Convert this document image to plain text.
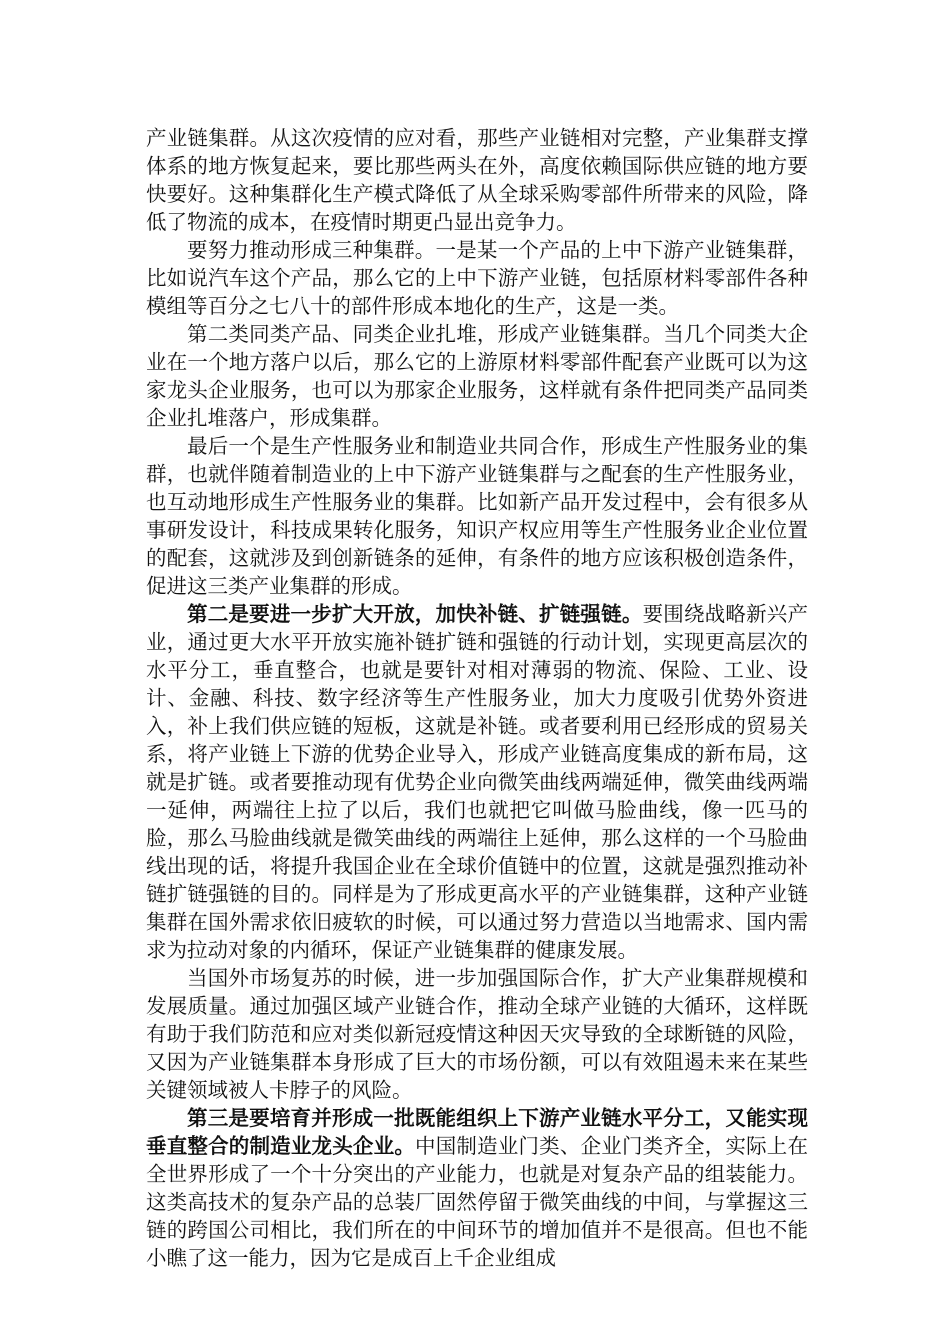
产业链集群。从这次疫情的应对看，那些产业链相对完整，产业集群支撑体系的地方恢复起来，要比那些两头在外，高度依赖国际供应链的地方要快要好。这种集群化生产模式降低了从全球采购零部件所带来的风险，降低了物流的成本，在疫情时期更凸显出竞争力。

要努力推动形成三种集群。一是某一个产品的上中下游产业链集群，比如说汽车这个产品，那么它的上中下游产业链，包括原材料零部件各种模组等百分之七八十的部件形成本地化的生产，这是一类。

第二类同类产品、同类企业扎堆，形成产业链集群。当几个同类大企业在一个地方落户以后，那么它的上游原材料零部件配套产业既可以为这家龙头企业服务，也可以为那家企业服务，这样就有条件把同类产品同类企业扎堆落户，形成集群。

最后一个是生产性服务业和制造业共同合作，形成生产性服务业的集群，也就伴随着制造业的上中下游产业链集群与之配套的生产性服务业，也互动地形成生产性服务业的集群。比如新产品开发过程中，会有很多从事研发设计，科技成果转化服务，知识产权应用等生产性服务业企业位置的配套，这就涉及到创新链条的延伸，有条件的地方应该积极创造条件，促进这三类产业集群的形成。

第二是要进一步扩大开放，加快补链、扩链强链。要围绕战略新兴产业，通过更大水平开放实施补链扩链和强链的行动计划，实现更高层次的水平分工，垂直整合，也就是要针对相对薄弱的物流、保险、工业、设计、金融、科技、数字经济等生产性服务业，加大力度吸引优势外资进入，补上我们供应链的短板，这就是补链。或者要利用已经形成的贸易关系，将产业链上下游的优势企业导入，形成产业链高度集成的新布局，这就是扩链。或者要推动现有优势企业向微笑曲线两端延伸，微笑曲线两端一延伸，两端往上拉了以后，我们也就把它叫做马脸曲线，像一匹马的脸，那么马脸曲线就是微笑曲线的两端往上延伸，那么这样的一个马脸曲线出现的话，将提升我国企业在全球价值链中的位置，这就是强烈推动补链扩链强链的目的。同样是为了形成更高水平的产业链集群，这种产业链集群在国外需求依旧疲软的时候，可以通过努力营造以当地需求、国内需求为拉动对象的内循环，保证产业链集群的健康发展。

当国外市场复苏的时候，进一步加强国际合作，扩大产业集群规模和发展质量。通过加强区域产业链合作，推动全球产业链的大循环，这样既有助于我们防范和应对类似新冠疫情这种因天灾导致的全球断链的风险，又因为产业链集群本身形成了巨大的市场份额，可以有效阻遏未来在某些关键领域被人卡脖子的风险。

第三是要培育并形成一批既能组织上下游产业链水平分工，又能实现垂直整合的制造业龙头企业。中国制造业门类、企业门类齐全，实际上在全世界形成了一个十分突出的产业能力，也就是对复杂产品的组装能力。这类高技术的复杂产品的总装厂固然停留于微笑曲线的中间，与掌握这三链的跨国公司相比，我们所在的中间环节的增加值并不是很高。但也不能小瞧了这一能力，因为它是成百上千企业组成
